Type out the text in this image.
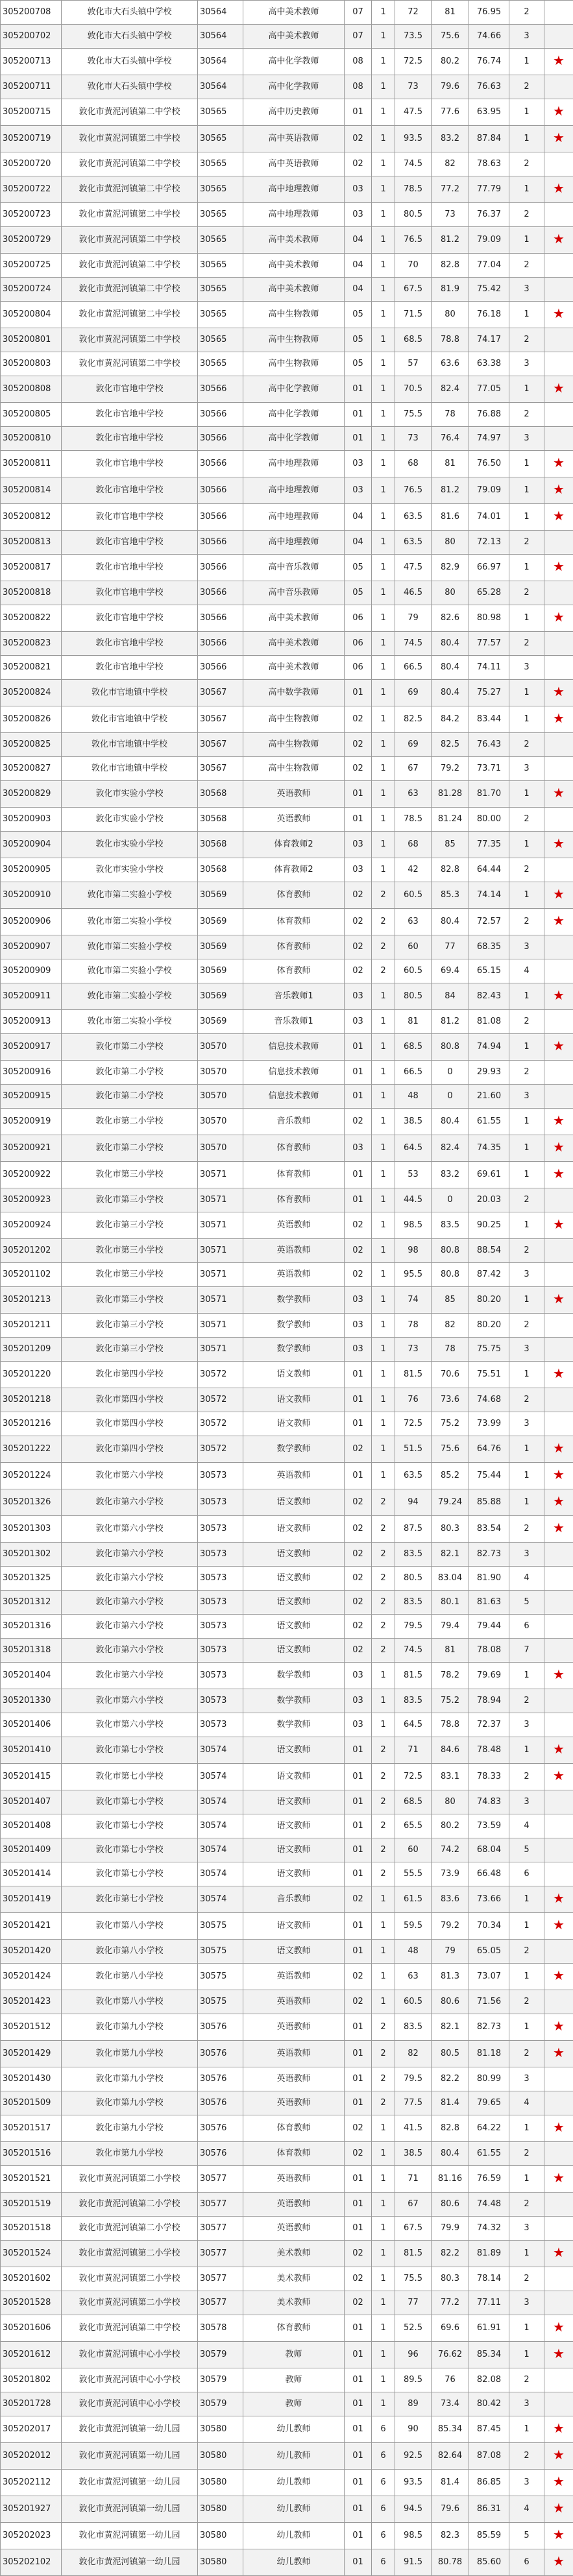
305200708	敦化市大石头镇中学校	30564	高中美术教师	07	1	72	81	76.95	2	
305200702	敦化市大石头镇中学校	30564	高中美术教师	07	1	73.5	75.6	74.66	3	
305200713	敦化市大石头镇中学校	30564	高中化学教师	08	1	72.5	80.2	76.74	1	★
305200711	敦化市大石头镇中学校	30564	高中化学教师	08	1	73	79.6	76.63	2	
305200715	敦化市黄泥河镇第二中学校	30565	高中历史教师	01	1	47.5	77.6	63.95	1	★
305200719	敦化市黄泥河镇第二中学校	30565	高中英语教师	02	1	93.5	83.2	87.84	1	★
305200720	敦化市黄泥河镇第二中学校	30565	高中英语教师	02	1	74.5	82	78.63	2	
305200722	敦化市黄泥河镇第二中学校	30565	高中地理教师	03	1	78.5	77.2	77.79	1	★
305200723	敦化市黄泥河镇第二中学校	30565	高中地理教师	03	1	80.5	73	76.37	2	
305200729	敦化市黄泥河镇第二中学校	30565	高中美术教师	04	1	76.5	81.2	79.09	1	★
305200725	敦化市黄泥河镇第二中学校	30565	高中美术教师	04	1	70	82.8	77.04	2	
305200724	敦化市黄泥河镇第二中学校	30565	高中美术教师	04	1	67.5	81.9	75.42	3	
305200804	敦化市黄泥河镇第二中学校	30565	高中生物教师	05	1	71.5	80	76.18	1	★
305200801	敦化市黄泥河镇第二中学校	30565	高中生物教师	05	1	68.5	78.8	74.17	2	
305200803	敦化市黄泥河镇第二中学校	30565	高中生物教师	05	1	57	63.6	63.38	3	
305200808	敦化市官地中学校	30566	高中化学教师	01	1	70.5	82.4	77.05	1	★
305200805	敦化市官地中学校	30566	高中化学教师	01	1	75.5	78	76.88	2	
305200810	敦化市官地中学校	30566	高中化学教师	01	1	73	76.4	74.97	3	
305200811	敦化市官地中学校	30566	高中地理教师	03	1	68	81	76.50	1	★
305200814	敦化市官地中学校	30566	高中地理教师	03	1	76.5	81.2	79.09	1	★
305200812	敦化市官地中学校	30566	高中地理教师	04	1	63.5	81.6	74.01	1	★
305200813	敦化市官地中学校	30566	高中地理教师	04	1	63.5	80	72.13	2	
305200817	敦化市官地中学校	30566	高中音乐教师	05	1	47.5	82.9	66.97	1	★
305200818	敦化市官地中学校	30566	高中音乐教师	05	1	46.5	80	65.28	2	
305200822	敦化市官地中学校	30566	高中美术教师	06	1	79	82.6	80.98	1	★
305200823	敦化市官地中学校	30566	高中美术教师	06	1	74.5	80.4	77.57	2	
305200821	敦化市官地中学校	30566	高中美术教师	06	1	66.5	80.4	74.11	3	
305200824	敦化市官地镇中学校	30567	高中数学教师	01	1	69	80.4	75.27	1	★
305200826	敦化市官地镇中学校	30567	高中生物教师	02	1	82.5	84.2	83.44	1	★
305200825	敦化市官地镇中学校	30567	高中生物教师	02	1	69	82.5	76.43	2	
305200827	敦化市官地镇中学校	30567	高中生物教师	02	1	67	79.2	73.71	3	
305200829	敦化市实验小学校	30568	英语教师	01	1	63	81.28	81.70	1	★
305200903	敦化市实验小学校	30568	英语教师	01	1	78.5	81.24	80.00	2	
305200904	敦化市实验小学校	30568	体育教师2	03	1	68	85	77.35	1	★
305200905	敦化市实验小学校	30568	体育教师2	03	1	42	82.8	64.44	2	
305200910	敦化市第二实验小学校	30569	体育教师	02	2	60.5	85.3	74.14	1	★
305200906	敦化市第二实验小学校	30569	体育教师	02	2	63	80.4	72.57	2	★
305200907	敦化市第二实验小学校	30569	体育教师	02	2	60	77	68.35	3	
305200909	敦化市第二实验小学校	30569	体育教师	02	2	60.5	69.4	65.15	4	
305200911	敦化市第二实验小学校	30569	音乐教师1	03	1	80.5	84	82.43	1	★
305200913	敦化市第二实验小学校	30569	音乐教师1	03	1	81	81.2	81.08	2	
305200917	敦化市第二小学校	30570	信息技术教师	01	1	68.5	80.8	74.94	1	★
305200916	敦化市第二小学校	30570	信息技术教师	01	1	66.5	0	29.93	2	
305200915	敦化市第二小学校	30570	信息技术教师	01	1	48	0	21.60	3	
305200919	敦化市第二小学校	30570	音乐教师	02	1	38.5	80.4	61.55	1	★
305200921	敦化市第二小学校	30570	体育教师	03	1	64.5	82.4	74.35	1	★
305200922	敦化市第三小学校	30571	体育教师	01	1	53	83.2	69.61	1	★
305200923	敦化市第三小学校	30571	体育教师	01	1	44.5	0	20.03	2	
305200924	敦化市第三小学校	30571	英语教师	02	1	98.5	83.5	90.25	1	★
305201202	敦化市第三小学校	30571	英语教师	02	1	98	80.8	88.54	2	
305201102	敦化市第三小学校	30571	英语教师	02	1	95.5	80.8	87.42	3	
305201213	敦化市第三小学校	30571	数学教师	03	1	74	85	80.20	1	★
305201211	敦化市第三小学校	30571	数学教师	03	1	78	82	80.20	2	
305201209	敦化市第三小学校	30571	数学教师	03	1	73	78	75.75	3	
305201220	敦化市第四小学校	30572	语文教师	01	1	81.5	70.6	75.51	1	★
305201218	敦化市第四小学校	30572	语文教师	01	1	76	73.6	74.68	2	
305201216	敦化市第四小学校	30572	语文教师	01	1	72.5	75.2	73.99	3	
305201222	敦化市第四小学校	30572	数学教师	02	1	51.5	75.6	64.76	1	★
305201224	敦化市第六小学校	30573	英语教师	01	1	63.5	85.2	75.44	1	★
305201326	敦化市第六小学校	30573	语文教师	02	2	94	79.24	85.88	1	★
305201303	敦化市第六小学校	30573	语文教师	02	2	87.5	80.3	83.54	2	★
305201302	敦化市第六小学校	30573	语文教师	02	2	83.5	82.1	82.73	3	
305201325	敦化市第六小学校	30573	语文教师	02	2	80.5	83.04	81.90	4	
305201312	敦化市第六小学校	30573	语文教师	02	2	83.5	80.1	81.63	5	
305201316	敦化市第六小学校	30573	语文教师	02	2	79.5	79.4	79.44	6	
305201318	敦化市第六小学校	30573	语文教师	02	2	74.5	81	78.08	7	
305201404	敦化市第六小学校	30573	数学教师	03	1	81.5	78.2	79.69	1	★
305201330	敦化市第六小学校	30573	数学教师	03	1	83.5	75.2	78.94	2	
305201406	敦化市第六小学校	30573	数学教师	03	1	64.5	78.8	72.37	3	
305201410	敦化市第七小学校	30574	语文教师	01	2	71	84.6	78.48	1	★
305201415	敦化市第七小学校	30574	语文教师	01	2	72.5	83.1	78.33	2	★
305201407	敦化市第七小学校	30574	语文教师	01	2	68.5	80	74.83	3	
305201408	敦化市第七小学校	30574	语文教师	01	2	65.5	80.2	73.59	4	
305201409	敦化市第七小学校	30574	语文教师	01	2	60	74.2	68.04	5	
305201414	敦化市第七小学校	30574	语文教师	01	2	55.5	73.9	66.48	6	
305201419	敦化市第七小学校	30574	音乐教师	02	1	61.5	83.6	73.66	1	★
305201421	敦化市第八小学校	30575	语文教师	01	1	59.5	79.2	70.34	1	★
305201420	敦化市第八小学校	30575	语文教师	01	1	48	79	65.05	2	
305201424	敦化市第八小学校	30575	英语教师	02	1	63	81.3	73.07	1	★
305201423	敦化市第八小学校	30575	英语教师	02	1	60.5	80.6	71.56	2	
305201512	敦化市第九小学校	30576	英语教师	01	2	83.5	82.1	82.73	1	★
305201429	敦化市第九小学校	30576	英语教师	01	2	82	80.5	81.18	2	★
305201430	敦化市第九小学校	30576	英语教师	01	2	79.5	82.2	80.99	3	
305201509	敦化市第九小学校	30576	英语教师	01	2	77.5	81.4	79.65	4	
305201517	敦化市第九小学校	30576	体育教师	02	1	41.5	82.8	64.22	1	★
305201516	敦化市第九小学校	30576	体育教师	02	1	38.5	80.4	61.55	2	
305201521	敦化市黄泥河镇第二小学校	30577	英语教师	01	1	71	81.16	76.59	1	★
305201519	敦化市黄泥河镇第二小学校	30577	英语教师	01	1	67	80.6	74.48	2	
305201518	敦化市黄泥河镇第二小学校	30577	英语教师	01	1	67.5	79.9	74.32	3	
305201524	敦化市黄泥河镇第二小学校	30577	美术教师	02	1	81.5	82.2	81.89	1	★
305201602	敦化市黄泥河镇第二小学校	30577	美术教师	02	1	75.5	80.3	78.14	2	
305201528	敦化市黄泥河镇第二小学校	30577	美术教师	02	1	77	77.2	77.11	3	
305201606	敦化市黄泥河镇第二中学校	30578	体育教师	01	1	52.5	69.6	61.91	1	★
305201612	敦化市黄泥河镇中心小学校	30579	教师	01	1	96	76.62	85.34	1	★
305201802	敦化市黄泥河镇中心小学校	30579	教师	01	1	89.5	76	82.08	2	
305201728	敦化市黄泥河镇中心小学校	30579	教师	01	1	89	73.4	80.42	3	
305202017	敦化市黄泥河镇第一幼儿园	30580	幼儿教师	01	6	90	85.34	87.45	1	★
305202012	敦化市黄泥河镇第一幼儿园	30580	幼儿教师	01	6	92.5	82.64	87.08	2	★
305202112	敦化市黄泥河镇第一幼儿园	30580	幼儿教师	01	6	93.5	81.4	86.85	3	★
305201927	敦化市黄泥河镇第一幼儿园	30580	幼儿教师	01	6	94.5	79.6	86.31	4	★
305202023	敦化市黄泥河镇第一幼儿园	30580	幼儿教师	01	6	98.5	82.3	85.59	5	★
305202102	敦化市黄泥河镇第一幼儿园	30580	幼儿教师	01	6	91.5	80.78	85.60	6	★
